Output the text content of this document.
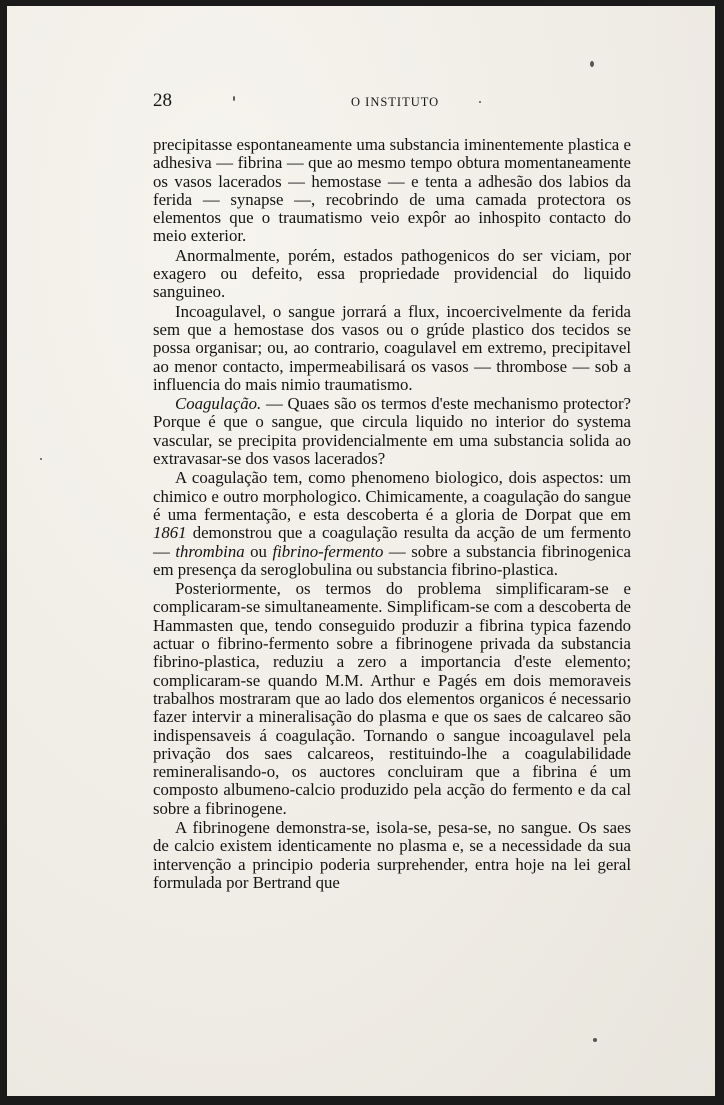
28	O INSTITUTO

precipitasse espontaneamente uma substancia iminentemente plastica e adhesiva — fibrina — que ao mesmo tempo obtura momentaneamente os vasos lacerados — hemostase — e tenta a adhesão dos labios da ferida — synapse —, recobrindo de uma camada protectora os elementos que o traumatismo veio expôr ao inhospito contacto do meio exterior.

Anormalmente, porém, estados pathogenicos do ser viciam, por exagero ou defeito, essa propriedade providencial do liquido sanguineo.

Incoagulavel, o sangue jorrará a flux, incoercivelmente da ferida sem que a hemostase dos vasos ou o grúde plastico dos tecidos se possa organisar; ou, ao contrario, coagulavel em extremo, precipitavel ao menor contacto, impermeabilisará os vasos — thrombose — sob a influencia do mais nimio traumatismo.

Coagulação. — Quaes são os termos d'este mechanismo protector? Porque é que o sangue, que circula liquido no interior do systema vascular, se precipita providencialmente em uma substancia solida ao extravasar-se dos vasos lacerados?

A coagulação tem, como phenomeno biologico, dois aspectos: um chimico e outro morphologico. Chimicamente, a coagulação do sangue é uma fermentação, e esta descoberta é a gloria de Dorpat que em 1861 demonstrou que a coagulação resulta da acção de um fermento — thrombina ou fibrino-fermento — sobre a substancia fibrinogenica em presença da seroglobulina ou substancia fibrino-plastica.

Posteriormente, os termos do problema simplificaram-se e complicaram-se simultaneamente. Simplificam-se com a descoberta de Hammasten que, tendo conseguido produzir a fibrina typica fazendo actuar o fibrino-fermento sobre a fibrinogene privada da substancia fibrino-plastica, reduziu a zero a importancia d'este elemento; complicaram-se quando M.M. Arthur e Pagés em dois memoraveis trabalhos mostraram que ao lado dos elementos organicos é necessario fazer intervir a mineralisação do plasma e que os saes de calcareo são indispensaveis á coagulação. Tornando o sangue incoagulavel pela privação dos saes calcareos, restituindo-lhe a coagulabilidade remineralisando-o, os auctores concluiram que a fibrina é um composto albumeno-calcio produzido pela acção do fermento e da cal sobre a fibrinogene.

A fibrinogene demonstra-se, isola-se, pesa-se, no sangue. Os saes de calcio existem identicamente no plasma e, se a necessidade da sua intervenção a principio poderia surprehender, entra hoje na lei geral formulada por Bertrand que
